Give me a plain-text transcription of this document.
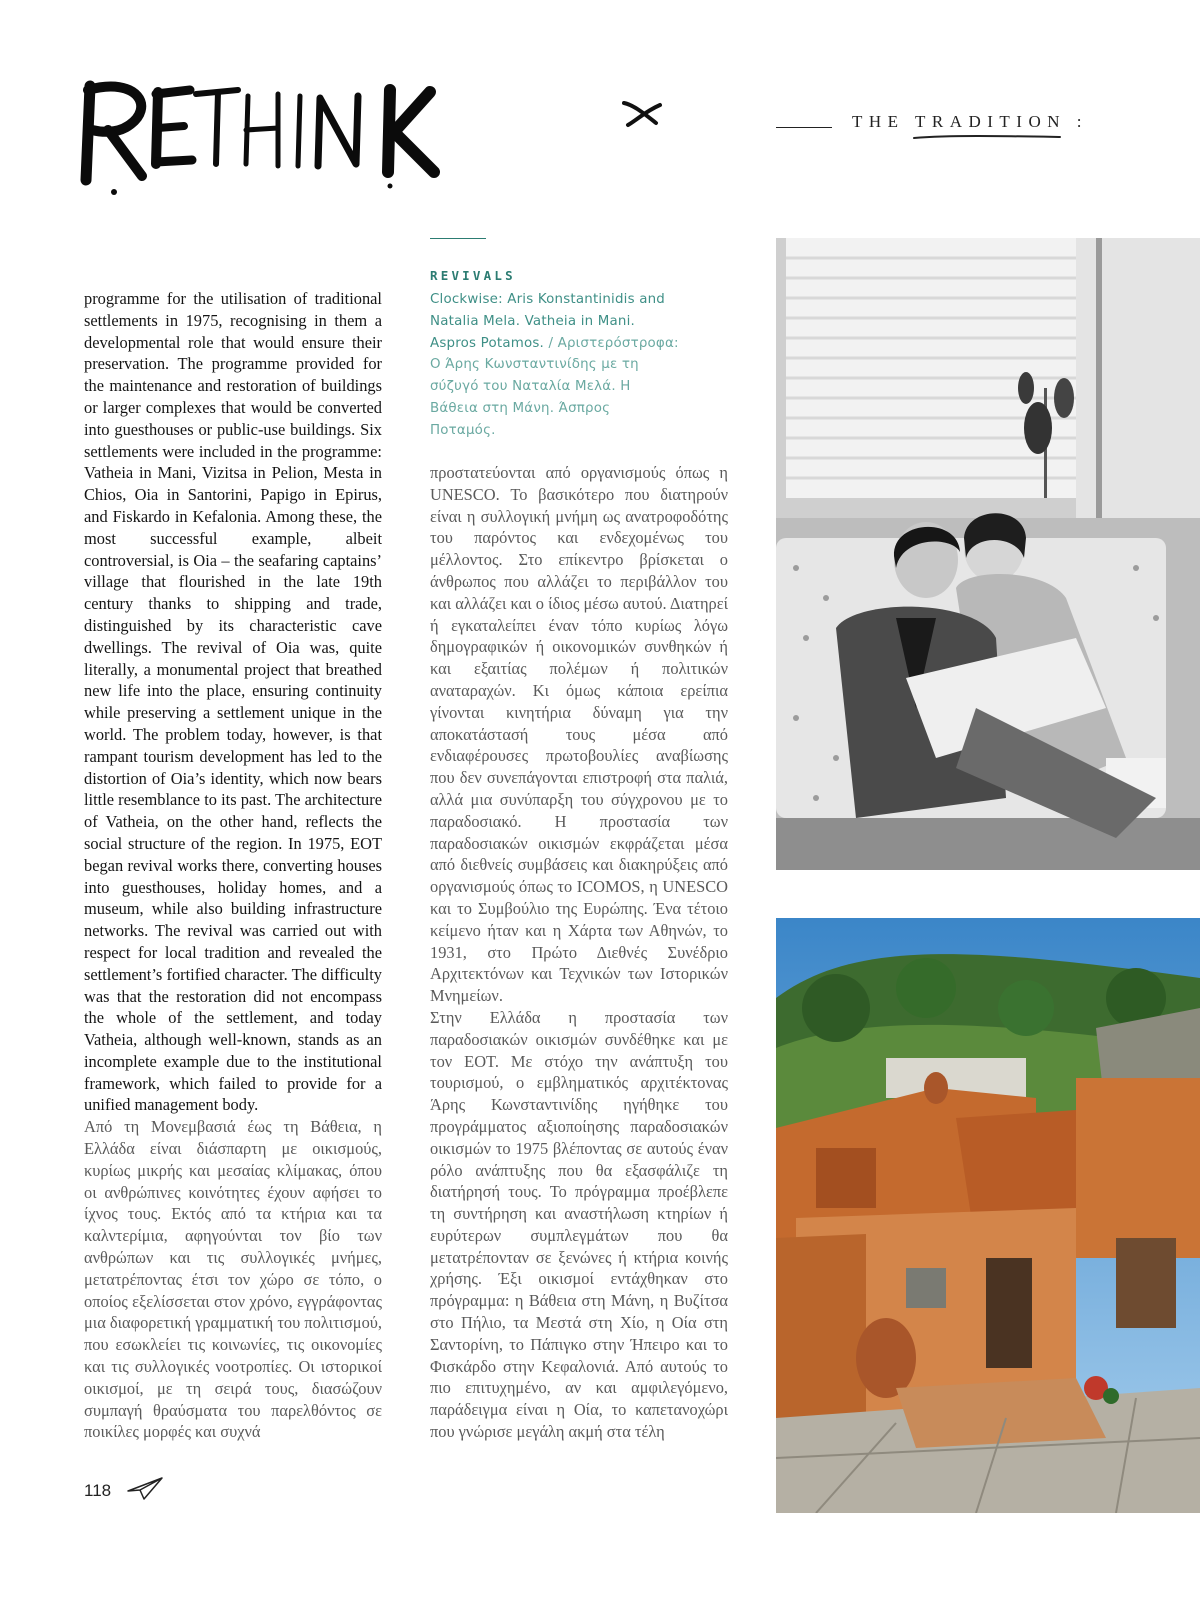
THE TRADITION :

programme for the utilisation of traditional settlements in 1975, recognising in them a developmental role that would ensure their preservation. The programme provided for the maintenance and restoration of buildings or larger complexes that would be converted into guesthouses or public-use buildings. Six settlements were included in the programme: Vatheia in Mani, Vizitsa in Pelion, Mesta in Chios, Oia in Santorini, Papigo in Epirus, and Fiskardo in Kefalonia. Among these, the most successful example, albeit controversial, is Oia – the seafaring captains’ village that flourished in the late 19th century thanks to shipping and trade, distinguished by its characteristic cave dwellings. The revival of Oia was, quite literally, a monumental project that breathed new life into the place, ensuring continuity while preserving a settlement unique in the world. The problem today, however, is that rampant tourism development has led to the distortion of Oia’s identity, which now bears little resemblance to its past. The architecture of Vatheia, on the other hand, reflects the social structure of the region. In 1975, EOT began revival works there, converting houses into guesthouses, holiday homes, and a museum, while also building infrastructure networks. The revival was carried out with respect for local tradition and revealed the settlement’s fortified character. The difficulty was that the restoration did not encompass the whole of the settlement, and today Vatheia, although well-known, stands as an incomplete example due to the institutional framework, which failed to provide for a unified management body.

Από τη Μονεμβασιά έως τη Βάθεια, η Ελλάδα είναι διάσπαρτη με οικισμούς, κυρίως μικρής και μεσαίας κλίμακας, όπου οι ανθρώπινες κοινότητες έχουν αφήσει το ίχνος τους. Εκτός από τα κτήρια και τα καλντερίμια, αφηγούνται τον βίο των ανθρώπων και τις συλλογικές μνήμες, μετατρέποντας έτσι τον χώρο σε τόπο, ο οποίος εξελίσσεται στον χρόνο, εγγράφοντας μια διαφορετική γραμματική του πολιτισμού, που εσωκλείει τις κοινωνίες, τις οικονομίες και τις συλλογικές νοοτροπίες. Οι ιστορικοί οικισμοί, με τη σειρά τους, διασώζουν συμπαγή θραύσματα του παρελθόντος σε ποικίλες μορφές και συχνά

REVIVALS
Clockwise: Aris Konstantinidis and Natalia Mela. Vatheia in Mani. Aspros Potamos. / Αριστερόστροφα: Ο Άρης Κωνσταντινίδης με τη σύζυγό του Ναταλία Μελά. Η Βάθεια στη Μάνη. Άσπρος Ποταμός.

προστατεύονται από οργανισμούς όπως η UNESCO. Το βασικότερο που διατηρούν είναι η συλλογική μνήμη ως ανατροφοδότης του παρόντος και ενδεχομένως του μέλλοντος. Στο επίκεντρο βρίσκεται ο άνθρωπος που αλλάζει το περιβάλλον του και αλλάζει και ο ίδιος μέσω αυτού. Διατηρεί ή εγκαταλείπει έναν τόπο κυρίως λόγω δημογραφικών ή οικονομικών συνθηκών ή και εξαιτίας πολέμων ή πολιτικών αναταραχών. Κι όμως κάποια ερείπια γίνονται κινητήρια δύναμη για την αποκατάστασή τους μέσα από ενδιαφέρουσες πρωτοβουλίες αναβίωσης που δεν συνεπάγονται επιστροφή στα παλιά, αλλά μια συνύπαρξη του σύγχρονου με το παραδοσιακό. Η προστασία των παραδοσιακών οικισμών εκφράζεται μέσα από διεθνείς συμβάσεις και διακηρύξεις από οργανισμούς όπως το ICOMOS, η UNESCO και το Συμβούλιο της Ευρώπης. Ένα τέτοιο κείμενο ήταν και η Χάρτα των Αθηνών, το 1931, στο Πρώτο Διεθνές Συνέδριο Αρχιτεκτόνων και Τεχνικών των Ιστορικών Μνημείων.

Στην Ελλάδα η προστασία των παραδοσιακών οικισμών συνδέθηκε και με τον ΕΟΤ. Με στόχο την ανάπτυξη του τουρισμού, ο εμβληματικός αρχιτέκτονας Άρης Κωνσταντινίδης ηγήθηκε του προγράμματος αξιοποίησης παραδοσιακών οικισμών το 1975 βλέποντας σε αυτούς έναν ρόλο ανάπτυξης που θα εξασφάλιζε τη διατήρησή τους. Το πρόγραμμα προέβλεπε τη συντήρηση και αναστήλωση κτηρίων ή ευρύτερων συμπλεγμάτων που θα μετατρέπονταν σε ξενώνες ή κτήρια κοινής χρήσης. Έξι οικισμοί εντάχθηκαν στο πρόγραμμα: η Βάθεια στη Μάνη, η Βυζίτσα στο Πήλιο, τα Μεστά στη Χίο, η Οία στη Σαντορίνη, το Πάπιγκο στην Ήπειρο και το Φισκάρδο στην Κεφαλονιά. Από αυτούς το πιο επιτυχημένο, αν και αμφιλεγόμενο, παράδειγμα είναι η Οία, το καπετανοχώρι που γνώρισε μεγάλη ακμή στα τέλη

118
